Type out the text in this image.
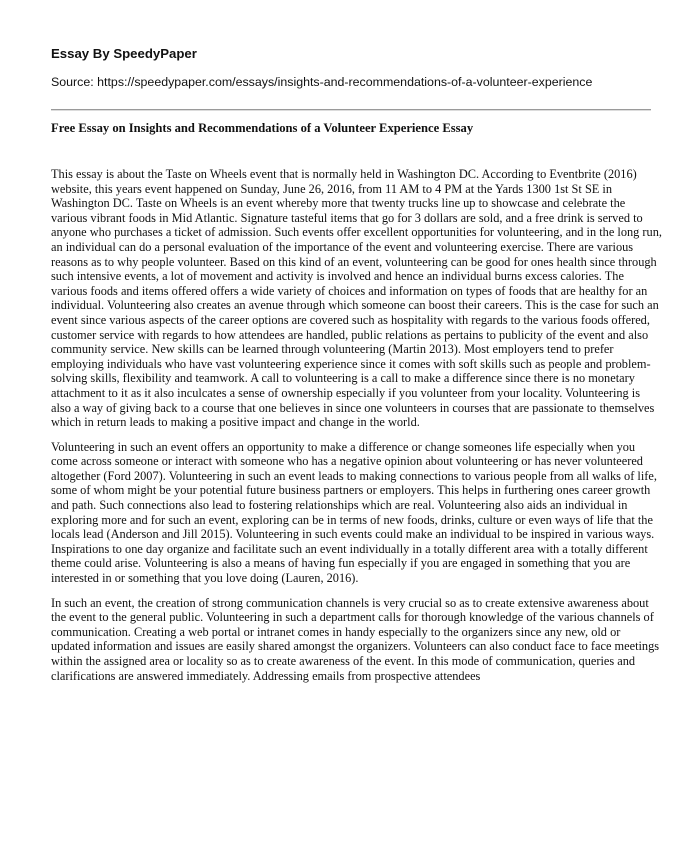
Essay By SpeedyPaper
Source: https://speedypaper.com/essays/insights-and-recommendations-of-a-volunteer-experience
Free Essay on Insights and Recommendations of a Volunteer Experience Essay

This essay is about the Taste on Wheels event that is normally held in Washington DC. According to Eventbrite (2016) website, this years event happened on Sunday, June 26, 2016, from 11 AM to 4 PM at the Yards 1300 1st St SE in Washington DC. Taste on Wheels is an event whereby more that twenty trucks line up to showcase and celebrate the various vibrant foods in Mid Atlantic. Signature tasteful items that go for 3 dollars are sold, and a free drink is served to anyone who purchases a ticket of admission. Such events offer excellent opportunities for volunteering, and in the long run, an individual can do a personal evaluation of the importance of the event and volunteering exercise. There are various reasons as to why people volunteer. Based on this kind of an event, volunteering can be good for ones health since through such intensive events, a lot of movement and activity is involved and hence an individual burns excess calories. The various foods and items offered offers a wide variety of choices and information on types of foods that are healthy for an individual. Volunteering also creates an avenue through which someone can boost their careers. This is the case for such an event since various aspects of the career options are covered such as hospitality with regards to the various foods offered, customer service with regards to how attendees are handled, public relations as pertains to publicity of the event and also community service. New skills can be learned through volunteering (Martin 2013). Most employers tend to prefer employing individuals who have vast volunteering experience since it comes with soft skills such as people and problem-solving skills, flexibility and teamwork. A call to volunteering is a call to make a difference since there is no monetary attachment to it as it also inculcates a sense of ownership especially if you volunteer from your locality. Volunteering is also a way of giving back to a course that one believes in since one volunteers in courses that are passionate to themselves which in return leads to making a positive impact and change in the world.

Volunteering in such an event offers an opportunity to make a difference or change someones life especially when you come across someone or interact with someone who has a negative opinion about volunteering or has never volunteered altogether (Ford 2007). Volunteering in such an event leads to making connections to various people from all walks of life, some of whom might be your potential future business partners or employers. This helps in furthering ones career growth and path. Such connections also lead to fostering relationships which are real. Volunteering also aids an individual in exploring more and for such an event, exploring can be in terms of new foods, drinks, culture or even ways of life that the locals lead (Anderson and Jill 2015). Volunteering in such events could make an individual to be inspired in various ways. Inspirations to one day organize and facilitate such an event individually in a totally different area with a totally different theme could arise. Volunteering is also a means of having fun especially if you are engaged in something that you are interested in or something that you love doing (Lauren, 2016).

In such an event, the creation of strong communication channels is very crucial so as to create extensive awareness about the event to the general public. Volunteering in such a department calls for thorough knowledge of the various channels of communication. Creating a web portal or intranet comes in handy especially to the organizers since any new, old or updated information and issues are easily shared amongst the organizers. Volunteers can also conduct face to face meetings within the assigned area or locality so as to create awareness of the event. In this mode of communication, queries and clarifications are answered immediately. Addressing emails from prospective attendees
